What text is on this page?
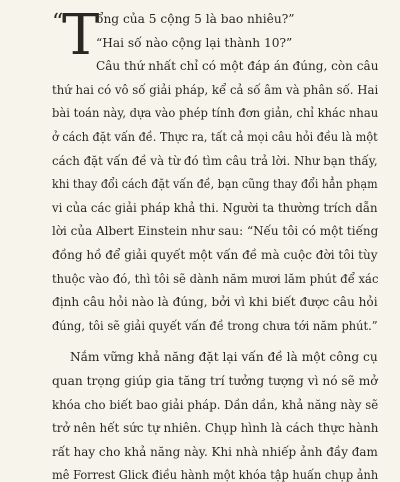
“
T
ổng của 5 cộng 5 là bao nhiêu?”
“Hai số nào cộng lại thành 10?”
Câu thứ nhất chỉ có một đáp án đúng, còn câu
thứ hai có vô số giải pháp, kể cả số âm và phân số. Hai
bài toán này, dựa vào phép tính đơn giản, chỉ khác nhau
ở cách đặt vấn đề. Thực ra, tất cả mọi câu hỏi đều là một
cách đặt vấn đề và từ đó tìm câu trả lời. Như bạn thấy,
khi thay đổi cách đặt vấn đề, bạn cũng thay đổi hẳn phạm
vi của các giải pháp khả thi. Người ta thường trích dẫn
lời của Albert Einstein như sau: “Nếu tôi có một tiếng
đồng hồ để giải quyết một vấn đề mà cuộc đời tôi tùy
thuộc vào đó, thì tôi sẽ dành năm mươi lăm phút để xác
định câu hỏi nào là đúng, bởi vì khi biết được câu hỏi
đúng, tôi sẽ giải quyết vấn đề trong chưa tới năm phút.”
Nắm vững khả năng đặt lại vấn đề là một công cụ
quan trọng giúp gia tăng trí tưởng tượng vì nó sẽ mở
khóa cho biết bao giải pháp. Dần dần, khả năng này sẽ
trở nên hết sức tự nhiên. Chụp hình là cách thực hành
rất hay cho khả năng này. Khi nhà nhiếp ảnh đầy đam
mê Forrest Glick điều hành một khóa tập huấn chụp ảnh
